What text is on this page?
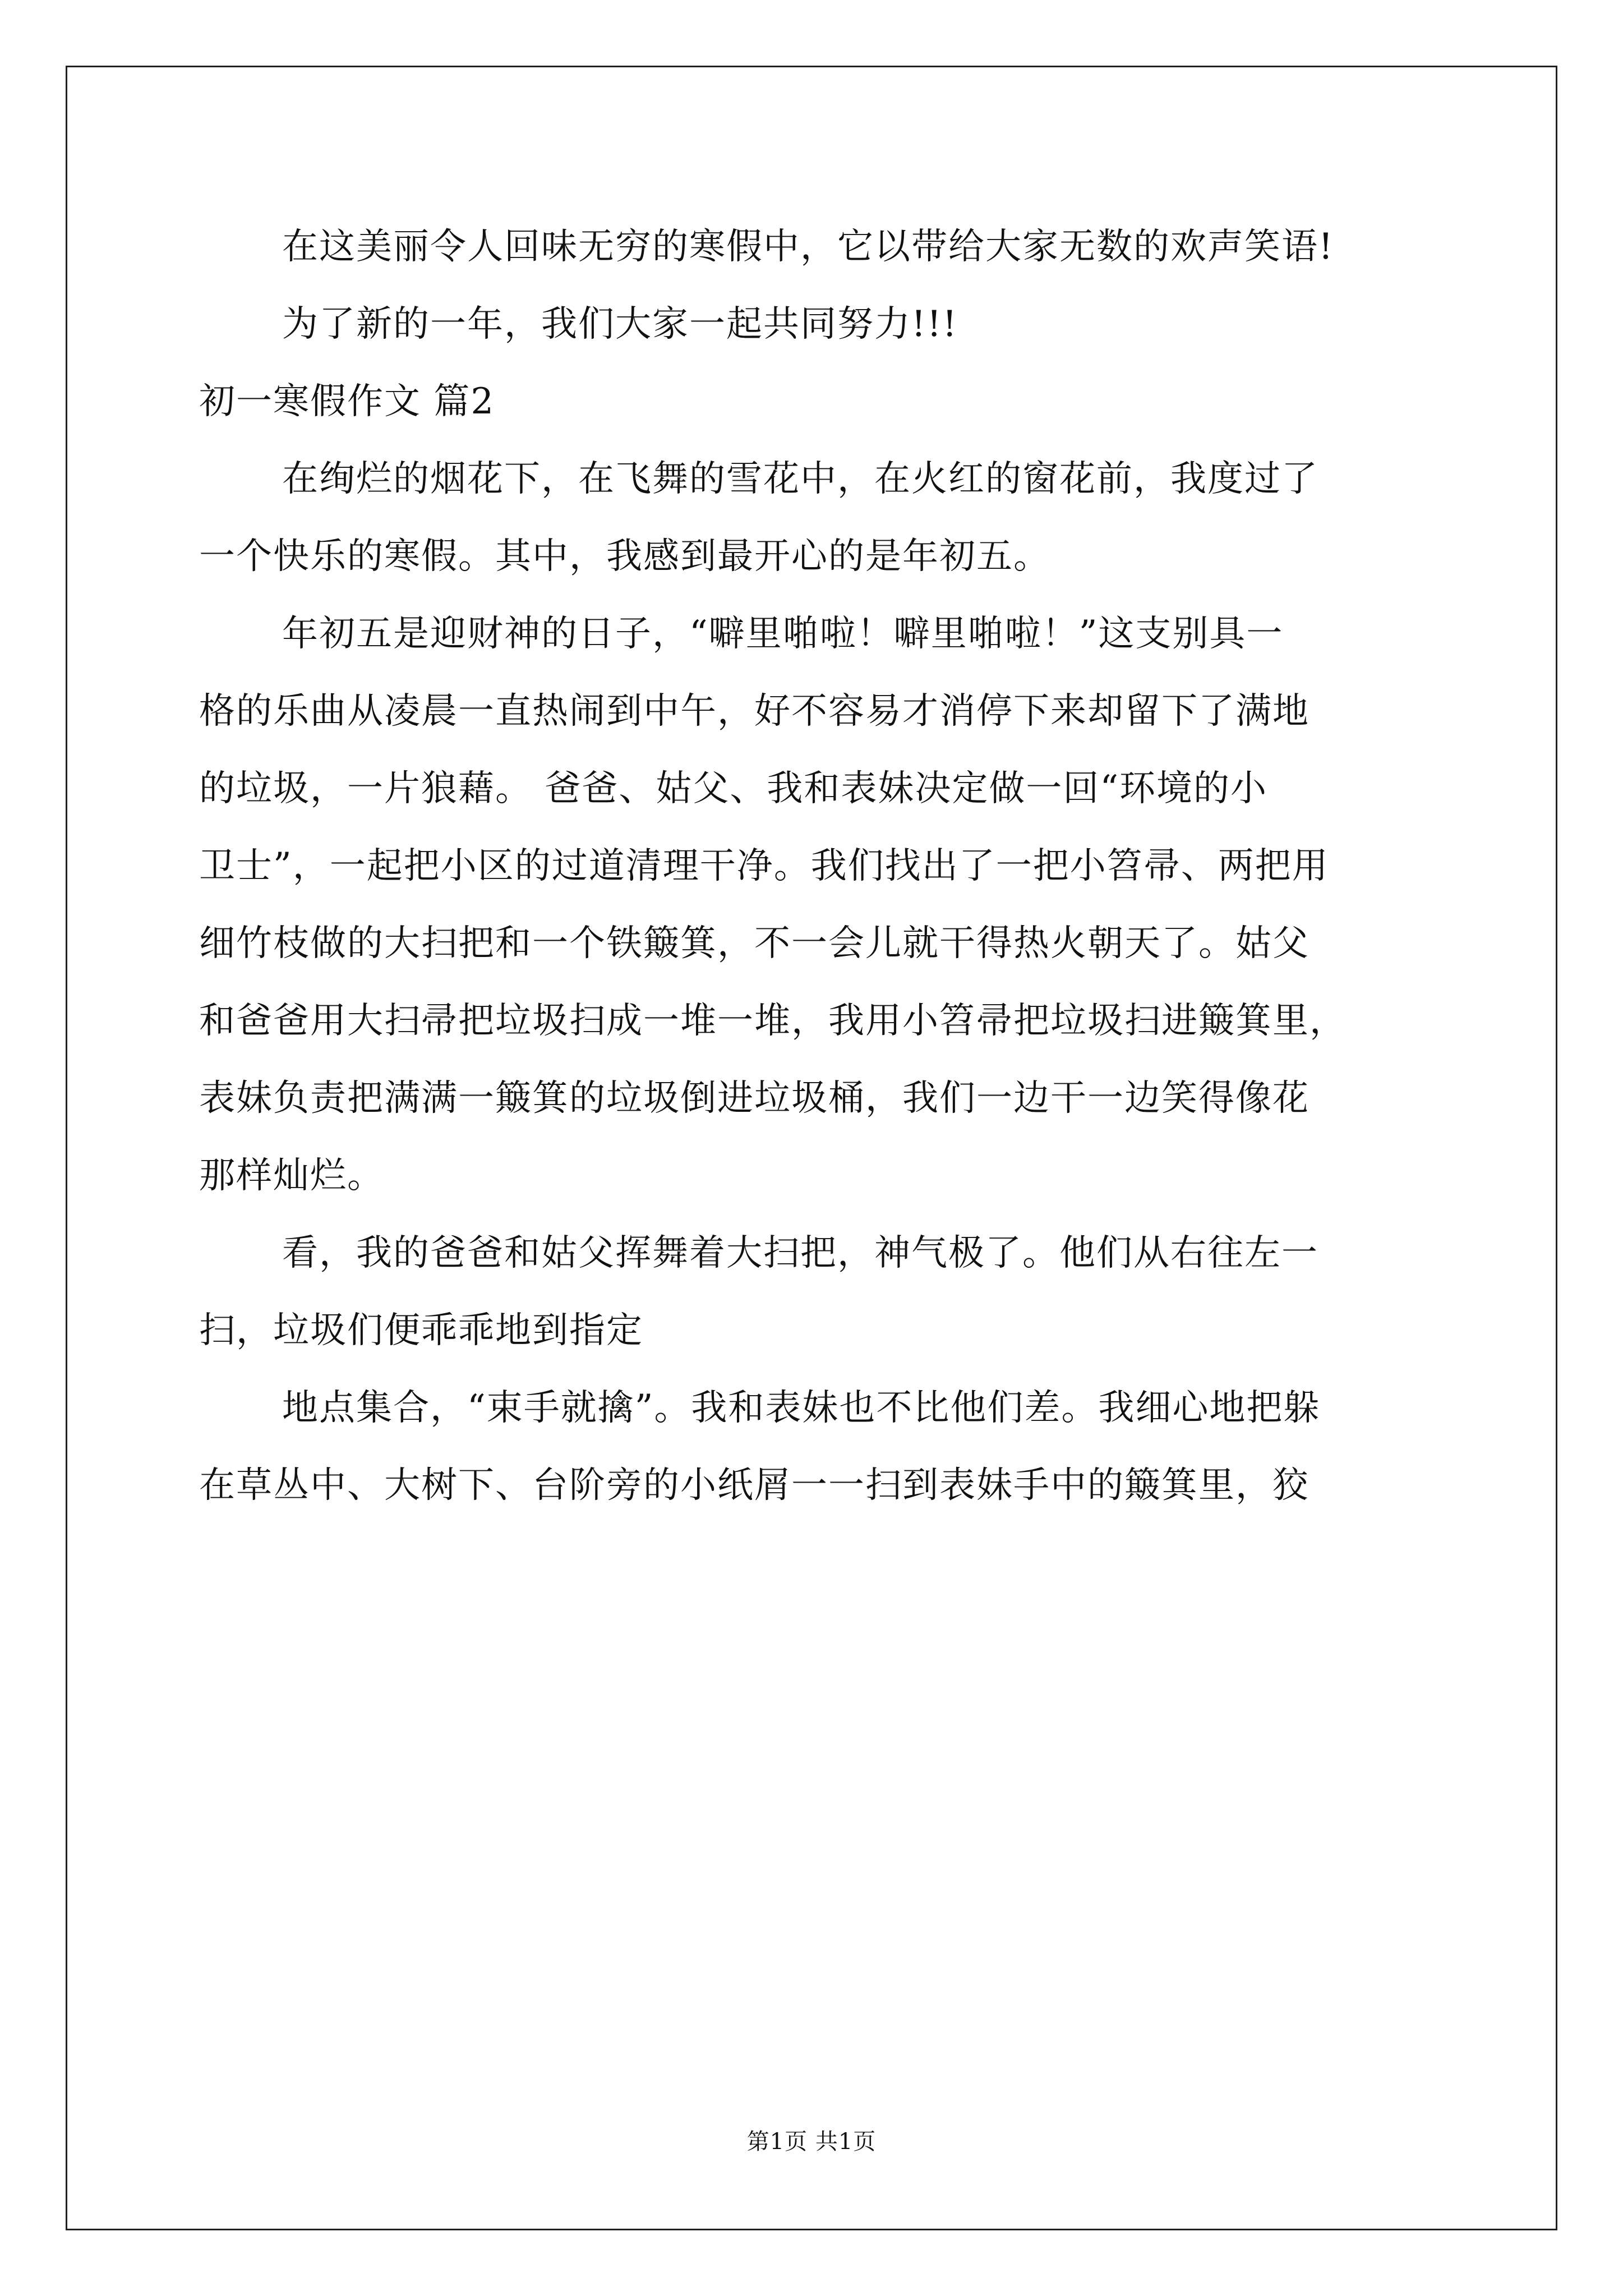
在这美丽令人回味无穷的寒假中，它以带给大家无数的欢声笑语!
为了新的一年，我们大家一起共同努力!!!
初一寒假作文 篇2
在绚烂的烟花下，在飞舞的雪花中，在火红的窗花前，我度过了
一个快乐的寒假。其中，我感到最开心的是年初五。
年初五是迎财神的日子，“噼里啪啦！噼里啪啦！”这支别具一
格的乐曲从凌晨一直热闹到中午，好不容易才消停下来却留下了满地
的垃圾，一片狼藉。 爸爸、姑父、我和表妹决定做一回“环境的小
卫士”，一起把小区的过道清理干净。我们找出了一把小笤帚、两把用
细竹枝做的大扫把和一个铁簸箕，不一会儿就干得热火朝天了。姑父
和爸爸用大扫帚把垃圾扫成一堆一堆，我用小笤帚把垃圾扫进簸箕里，
表妹负责把满满一簸箕的垃圾倒进垃圾桶，我们一边干一边笑得像花
那样灿烂。
看，我的爸爸和姑父挥舞着大扫把，神气极了。他们从右往左一
扫，垃圾们便乖乖地到指定
地点集合，“束手就擒”。我和表妹也不比他们差。我细心地把躲
在草丛中、大树下、台阶旁的小纸屑一一扫到表妹手中的簸箕里，狡
第1页 共1页
